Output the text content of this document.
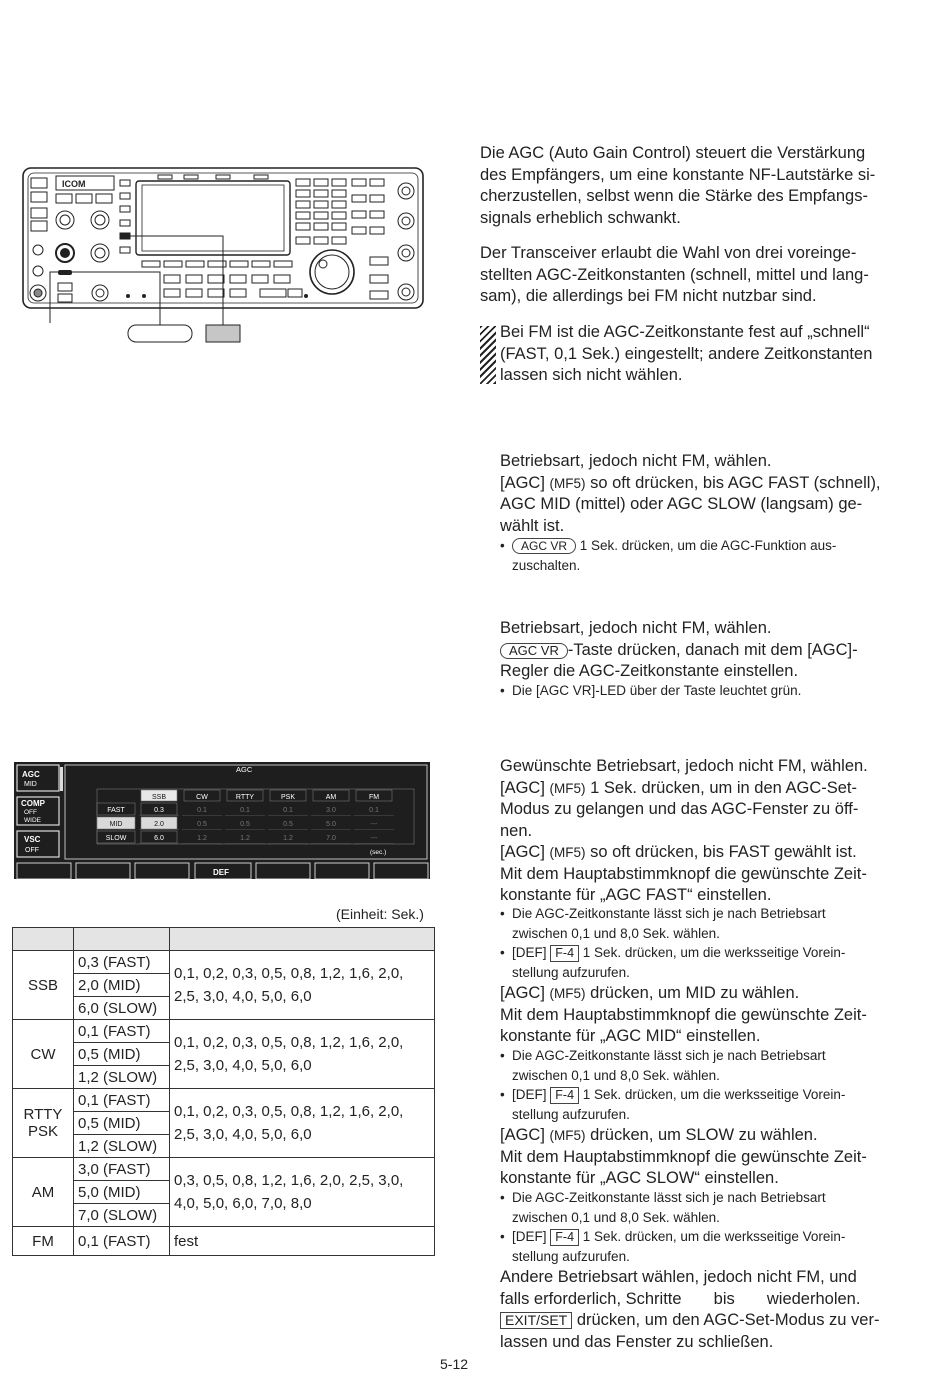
ICOM
Die AGC (Auto Gain Control) steuert die Verstärkung
des Empfängers, um eine konstante NF-Lautstärke si-
cherzustellen, selbst wenn die Stärke des Empfangs-
signals erheblich schwankt.
Der Transceiver erlaubt die Wahl von drei voreinge-
stellten AGC-Zeitkonstanten (schnell, mittel und lang-
sam), die allerdings bei FM nicht nutzbar sind.
Bei FM ist die AGC-Zeitkonstante fest auf „schnell“
(FAST, 0,1 Sek.) eingestellt; andere Zeitkonstanten
lassen sich nicht wählen.
Betriebsart, jedoch nicht FM, wählen.
[AGC] (MF5) so oft drücken, bis AGC FAST (schnell),
AGC MID (mittel) oder AGC SLOW (langsam) ge-
wählt ist.
• AGC VR 1 Sek. drücken, um die AGC-Funktion aus-
zuschalten.
Betriebsart, jedoch nicht FM, wählen.
AGC VR -Taste drücken, danach mit dem [AGC]-
Regler die AGC-Zeitkonstante einstellen.
• Die [AGC VR]-LED über der Taste leuchtet grün.
AGC
MID
COMP
OFF
WIDE
VSC
OFF
AGC
SSB	CW	RTTY	PSK	AM	FM
FAST	0.3	0.1	0.1	0.1	3.0	0.1
MID	2.0	0.5	0.5	0.5	5.0	---
SLOW	6.0	1.2	1.2	1.2	7.0	---
(sec.)
DEF
(Einheit: Sek.)

SSB	0,3 (FAST)	0,1, 0,2, 0,3, 0,5, 0,8, 1,2, 1,6, 2,0,
2,5, 3,0, 4,0, 5,0, 6,0

	2,0 (MID)	
	6,0 (SLOW)	
CW	0,1 (FAST)	0,1, 0,2, 0,3, 0,5, 0,8, 1,2, 1,6, 2,0,
2,5, 3,0, 4,0, 5,0, 6,0

	0,5 (MID)	
	1,2 (SLOW)	

RTTY
PSK	0,1 (FAST)	0,1, 0,2, 0,3, 0,5, 0,8, 1,2, 1,6, 2,0,
2,5, 3,0, 4,0, 5,0, 6,0

	0,5 (MID)	
	1,2 (SLOW)	
AM	3,0 (FAST)	0,3, 0,5, 0,8, 1,2, 1,6, 2,0, 2,5, 3,0,
4,0, 5,0, 6,0, 7,0, 8,0

	5,0 (MID)	
	7,0 (SLOW)	
FM	0,1 (FAST)	fest
Gewünschte Betriebsart, jedoch nicht FM, wählen.
[AGC] (MF5) 1 Sek. drücken, um in den AGC-Set-
Modus zu gelangen und das AGC-Fenster zu öff-
nen.
[AGC] (MF5) so oft drücken, bis FAST gewählt ist.
Mit dem Hauptabstimmknopf die gewünschte Zeit-
konstante für „AGC FAST“ einstellen.
• Die AGC-Zeitkonstante lässt sich je nach Betriebsart
zwischen 0,1 und 8,0 Sek. wählen.
• [DEF] F-4 1 Sek. drücken, um die werksseitige Vorein-
stellung aufzurufen.
[AGC] (MF5) drücken, um MID zu wählen.
Mit dem Hauptabstimmknopf die gewünschte Zeit-
konstante für „AGC MID“ einstellen.
• Die AGC-Zeitkonstante lässt sich je nach Betriebsart
zwischen 0,1 und 8,0 Sek. wählen.
• [DEF] F-4 1 Sek. drücken, um die werksseitige Vorein-
stellung aufzurufen.
[AGC] (MF5) drücken, um SLOW zu wählen.
Mit dem Hauptabstimmknopf die gewünschte Zeit-
konstante für „AGC SLOW“ einstellen.
• Die AGC-Zeitkonstante lässt sich je nach Betriebsart
zwischen 0,1 und 8,0 Sek. wählen.
• [DEF] F-4 1 Sek. drücken, um die werksseitige Vorein-
stellung aufzurufen.
Andere Betriebsart wählen, jedoch nicht FM, und
falls erforderlich, Schritte bis wiederholen.
EXIT/SET drücken, um den AGC-Set-Modus zu ver-
lassen und das Fenster zu schließen.
5-12
